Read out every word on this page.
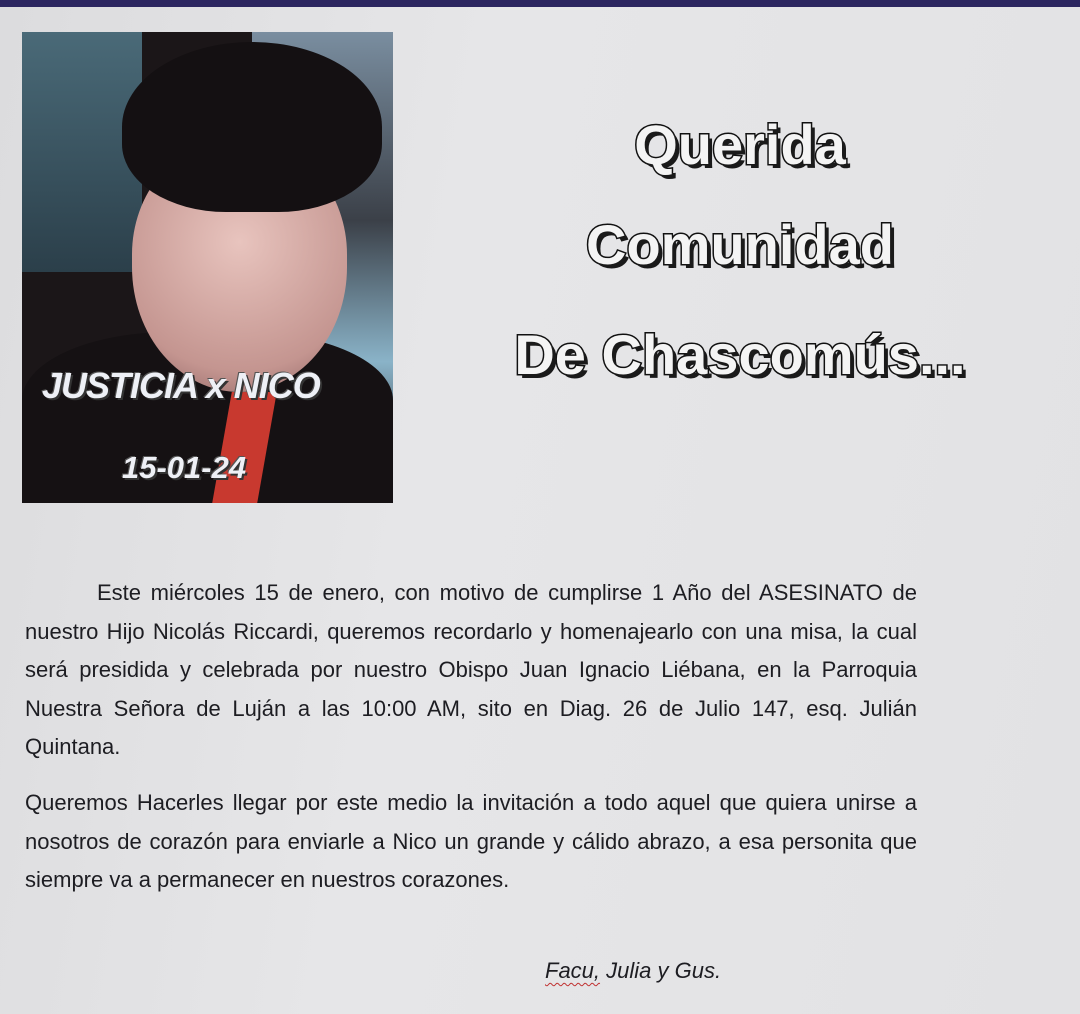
JUSTICIA x NICO
15-01-24
Querida
Comunidad
De Chascomús...

Este miércoles 15 de enero, con motivo de cumplirse 1 Año del ASESINATO de nuestro Hijo Nicolás Riccardi, queremos recordarlo y homenajearlo con una misa, la cual será presidida y celebrada por nuestro Obispo Juan Ignacio Liébana, en la Parroquia Nuestra Señora de Luján a las 10:00 AM, sito en Diag. 26 de Julio 147, esq. Julián Quintana.

Queremos Hacerles llegar por este medio la invitación a todo aquel que quiera unirse a nosotros de corazón para enviarle a Nico un grande y cálido abrazo, a esa personita que siempre va a permanecer en nuestros corazones.

Facu, Julia y Gus.
